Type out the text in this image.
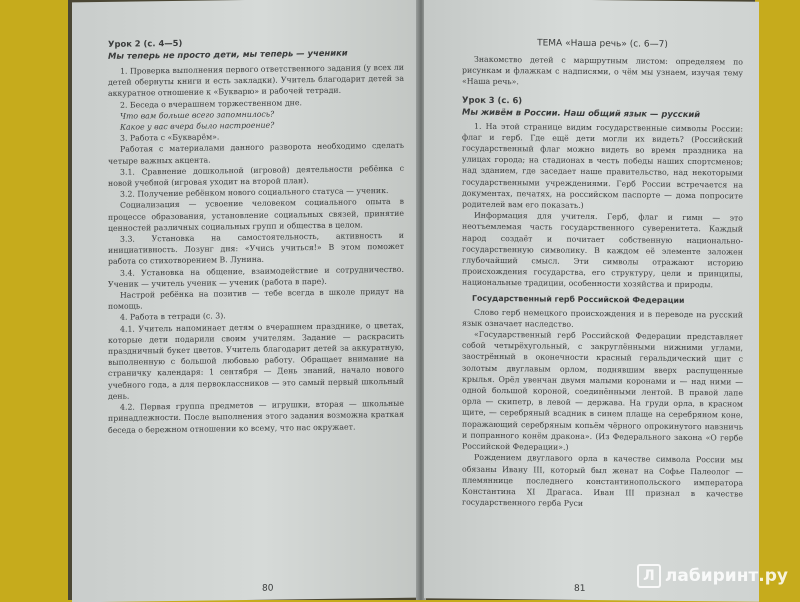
Урок 2 (с. 4—5)

Мы теперь не просто дети, мы теперь — ученики

1. Проверка выполнения первого ответственного задания (у всех ли детей обернуты книги и есть закладки). Учитель благодарит детей за аккуратное отношение к «Букварю» и рабочей тетради.

2. Беседа о вчерашнем торжественном дне.

Что вам больше всего запомнилось?

Какое у вас вчера было настроение?

3. Работа с «Букварём».

Работая с материалами данного разворота необходимо сделать четыре важных акцента.

3.1. Сравнение дошкольной (игровой) деятельности ребёнка с новой учебной (игровая уходит на второй план).

3.2. Получение ребёнком нового социального статуса — ученик.

Социализация — усвоение человеком социального опыта в процессе образования, установление социальных связей, принятие ценностей различных социальных групп и общества в целом.

3.3. Установка на самостоятельность, активность и инициативность. Лозунг дня: «Учись учиться!» В этом поможет работа со стихотворением В. Лунина.

3.4. Установка на общение, взаимодействие и сотрудничество. Ученик — учитель ученик — ученик (работа в паре).

Настрой ребёнка на позитив — тебе всегда в школе придут на помощь.

4. Работа в тетради (с. 3).

4.1. Учитель напоминает детям о вчерашнем празднике, о цветах, которые дети подарили своим учителям. Задание — раскрасить праздничный букет цветов. Учитель благодарит детей за аккуратную, выполненную с большой любовью работу. Обращает внимание на страничку календаря: 1 сентября — День знаний, начало нового учебного года, а для первоклассников — это самый первый школьный день.

4.2. Первая группа предметов — игрушки, вторая — школьные принадлежности. После выполнения этого задания возможна краткая беседа о бережном отношении ко всему, что нас окружает.

80

ТЕМА «Наша речь» (с. 6—7)

Знакомство детей с маршрутным листом: определяем по рисункам и флажкам с надписями, о чём мы узнаем, изучая тему «Наша речь».

Урок 3 (с. 6)

Мы живём в России. Наш общий язык — русский

1. На этой странице видим государственные символы России: флаг и герб. Где ещё дети могли их видеть? (Российский государственный флаг можно видеть во время праздника на улицах города; на стадионах в честь победы наших спортсменов; над зданием, где заседает наше правительство, над некоторыми государственными учреждениями. Герб России встречается на документах, печатях, на российском паспорте — дома попросите родителей вам его показать.)

Информация для учителя. Герб, флаг и гимн — это неотъемлемая часть государственного суверенитета. Каждый народ создаёт и почитает собственную национально-государственную символику. В каждом её элементе заложен глубочайший смысл. Эти символы отражают историю происхождения государства, его структуру, цели и принципы, национальные традиции, особенности хозяйства и природы.

Государственный герб Российской Федерации

Слово герб немецкого происхождения и в переводе на русский язык означает наследство.

«Государственный герб Российской Федерации представляет собой четырёхугольный, с закруглёнными нижними углами, заострённый в оконечности красный геральдический щит с золотым двуглавым орлом, поднявшим вверх распущенные крылья. Орёл увенчан двумя малыми коронами и — над ними — одной большой короной, соединёнными лентой. В правой лапе орла — скипетр, в левой — держава. На груди орла, в красном щите, — серебряный всадник в синем плаще на серебряном коне, поражающий серебряным копьём чёрного опрокинутого навзничь и попранного конём дракона». (Из Федерального закона «О гербе Российской Федерации».)

Рождением двуглавого орла в качестве символа России мы обязаны Ивану III, который был женат на Софье Палеолог — племяннице последнего константинопольского императора Константина XI Драгаса. Иван III признал в качестве государственного герба Руси

81
Л лабиринт.ру
